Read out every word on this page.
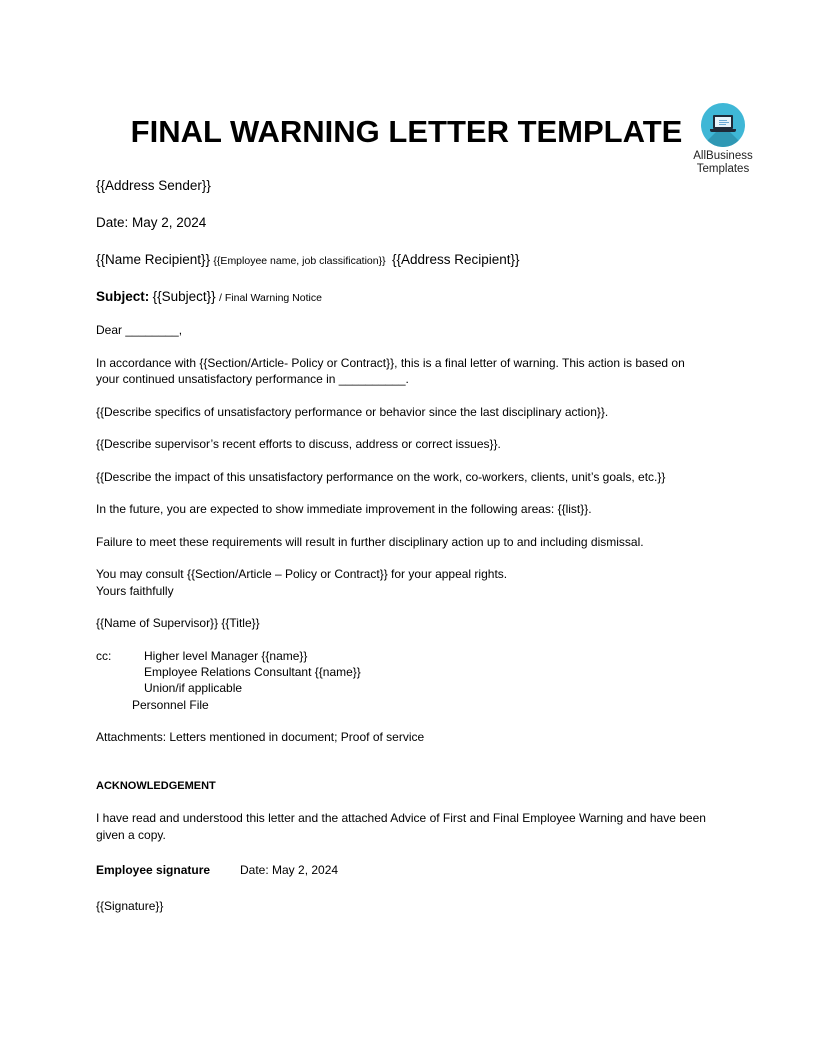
FINAL WARNING LETTER TEMPLATE
AllBusiness
Templates
{{Address Sender}}
Date: May 2, 2024
{{Name Recipient}} {{Employee name, job classification}} {{Address Recipient}}
Subject: {{Subject}} / Final Warning Notice
Dear ________,
In accordance with {{Section/Article- Policy or Contract}}, this is a final letter of warning. This action is based on
your continued unsatisfactory performance in __________.
{{Describe specifics of unsatisfactory performance or behavior since the last disciplinary action}}.
{{Describe supervisor’s recent efforts to discuss, address or correct issues}}.
{{Describe the impact of this unsatisfactory performance on the work, co-workers, clients, unit’s goals, etc.}}
In the future, you are expected to show immediate improvement in the following areas: {{list}}.
Failure to meet these requirements will result in further disciplinary action up to and including dismissal.
You may consult {{Section/Article – Policy or Contract}} for your appeal rights.
Yours faithfully
{{Name of Supervisor}} {{Title}}
cc:	Higher level Manager {{name}}
Employee Relations Consultant {{name}}
Union/if applicable
Personnel File
Attachments: Letters mentioned in document; Proof of service
ACKNOWLEDGEMENT
I have read and understood this letter and the attached Advice of First and Final Employee Warning and have been
given a copy.
Employee signature Date: May 2, 2024
{{Signature}}
